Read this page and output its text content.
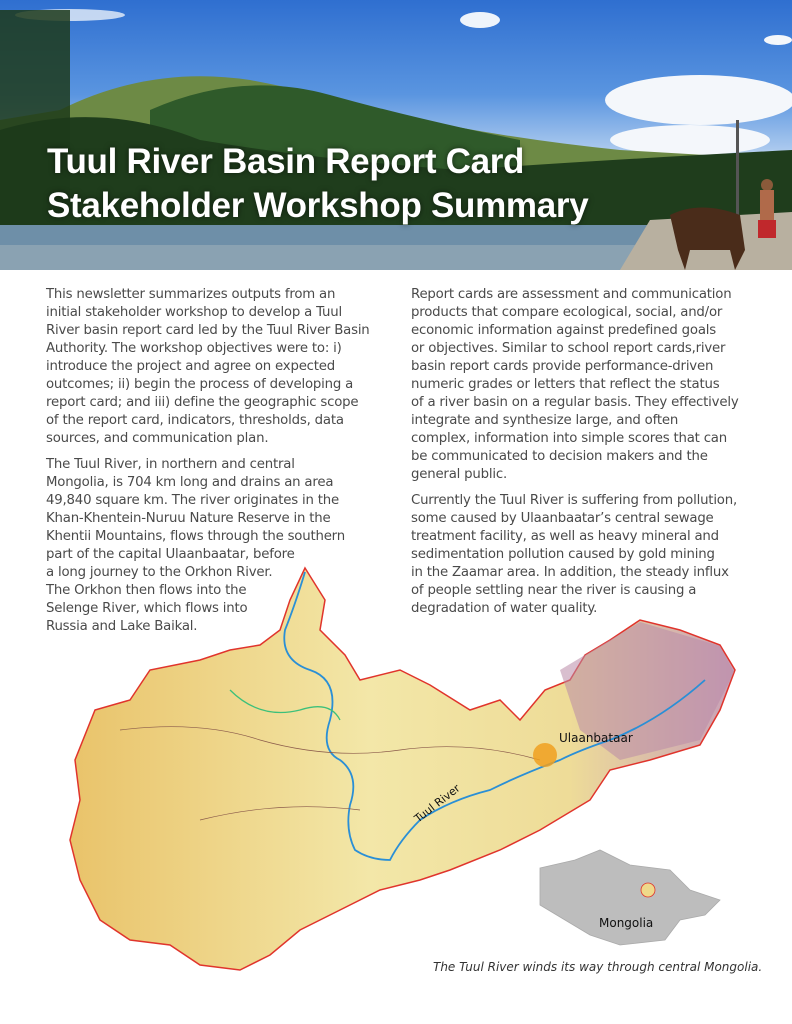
Tuul River Basin Report Card
Stakeholder Workshop Summary

This newsletter summarizes outputs from an
initial stakeholder workshop to develop a Tuul
River basin report card led by the Tuul River Basin
Authority. The workshop objectives were to: i)
introduce the project and agree on expected
outcomes; ii) begin the process of developing a
report card; and iii) define the geographic scope
of the report card, indicators, thresholds, data
sources, and communication plan.

The Tuul River, in northern and central
Mongolia, is 704 km long and drains an area
49,840 square km. The river originates in the
Khan-Khentein-Nuruu Nature Reserve in the
Khentii Mountains, flows through the southern
part of the capital Ulaanbaatar, before
a long journey to the Orkhon River.
The Orkhon then flows into the
Selenge River, which flows into
Russia and Lake Baikal.

Report cards are assessment and communication
products that compare ecological, social, and/or
economic information against predefined goals
or objectives. Similar to school report cards,river
basin report cards provide performance-driven
numeric grades or letters that reflect the status
of a river basin on a regular basis. They effectively
integrate and synthesize large, and often
complex, information into simple scores that can
be communicated to decision makers and the
general public.

Currently the Tuul River is suffering from pollution,
some caused by Ulaanbaatar’s central sewage
treatment facility, as well as heavy mineral and
sedimentation pollution caused by gold mining
in the Zaamar area. In addition, the steady influx
of people settling near the river is causing a
degradation of water quality.

Ulaanbataar
Tuul River
Mongolia
The Tuul River winds its way through central Mongolia.
